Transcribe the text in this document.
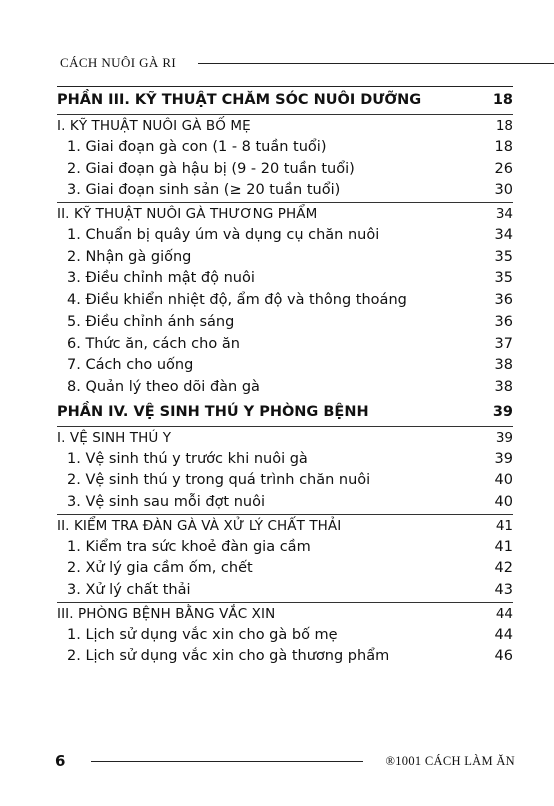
CÁCH NUÔI GÀ RI
PHẦN III. KỸ THUẬT CHĂM SÓC NUÔI DƯỠNG	18
I. KỸ THUẬT NUÔI GÀ BỐ MẸ	18
1. Giai đoạn gà con (1 - 8 tuần tuổi)	18
2. Giai đoạn gà hậu bị (9 - 20 tuần tuổi)	26
3. Giai đoạn sinh sản (≥ 20 tuần tuổi)	30
II. KỸ THUẬT NUÔI GÀ THƯƠNG PHẨM	34
1. Chuẩn bị quây úm và dụng cụ chăn nuôi	34
2. Nhận gà giống	35
3. Điều chỉnh mật độ nuôi	35
4. Điều khiển nhiệt độ, ẩm độ và thông thoáng	36
5. Điều chỉnh ánh sáng	36
6. Thức ăn, cách cho ăn	37
7. Cách cho uống	38
8. Quản lý theo dõi đàn gà	38
PHẦN IV. VỆ SINH THÚ Y PHÒNG BỆNH	39
I. VỆ SINH THÚ Y	39
1. Vệ sinh thú y trước khi nuôi gà	39
2. Vệ sinh thú y trong quá trình chăn nuôi	40
3. Vệ sinh sau mỗi đợt nuôi	40
II. KIỂM TRA ĐÀN GÀ VÀ XỬ LÝ CHẤT THẢI	41
1. Kiểm tra sức khoẻ đàn gia cầm	41
2. Xử lý gia cầm ốm, chết	42
3. Xử lý chất thải	43
III. PHÒNG BỆNH BẰNG VẮC XIN	44
1. Lịch sử dụng vắc xin cho gà bố mẹ	44
2. Lịch sử dụng vắc xin cho gà thương phẩm	46
6	®1001 CÁCH LÀM ĂN
